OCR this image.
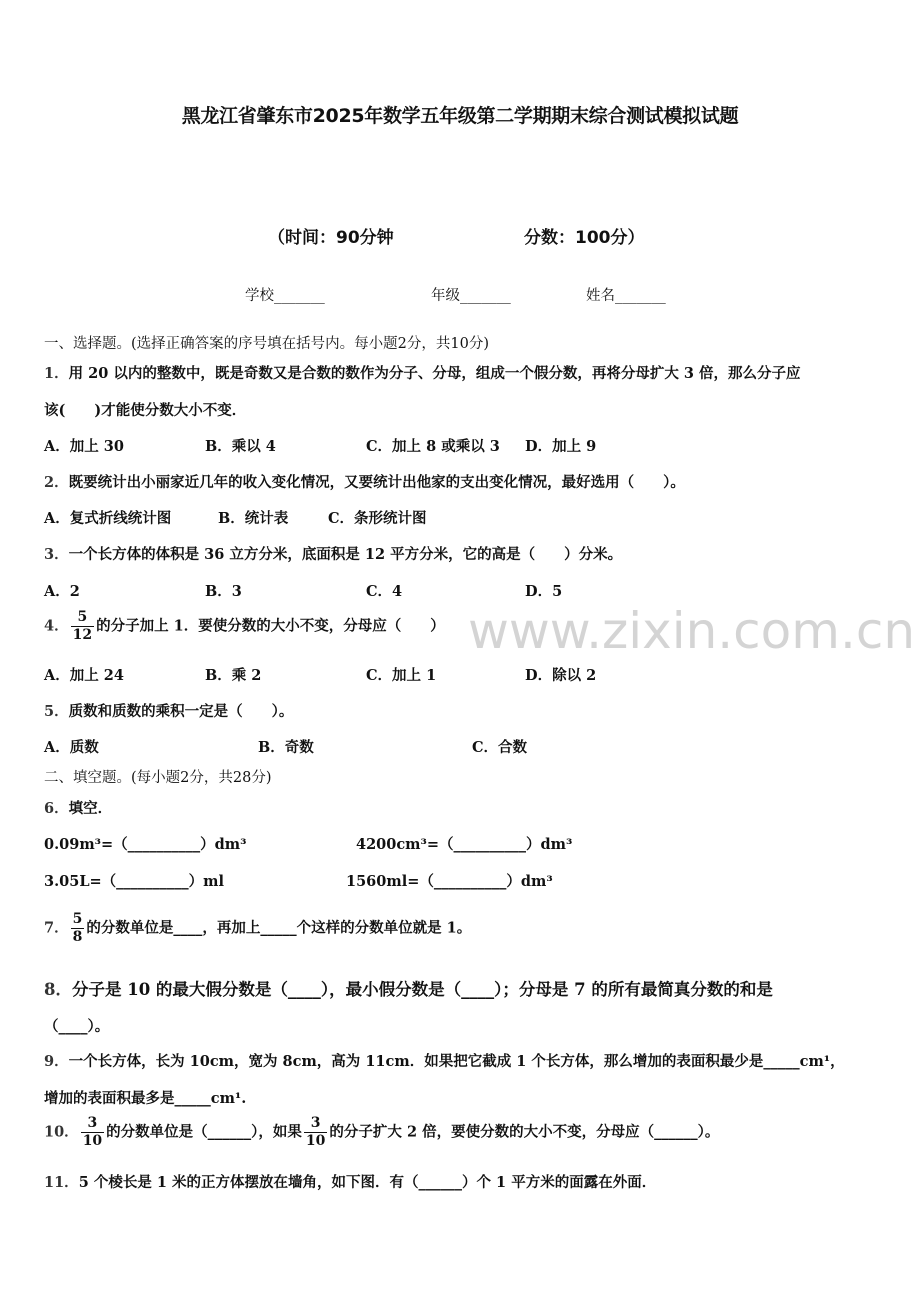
黑龙江省肇东市2025年数学五年级第二学期期末综合测试模拟试题
（时间：90分钟	分数：100分）
学校_______	年级_______	姓名_______
一、选择题。(选择正确答案的序号填在括号内。每小题2分，共10分)
1．用 20 以内的整数中，既是奇数又是合数的数作为分子、分母，组成一个假分数，再将分母扩大 3 倍，那么分子应
该(　　)才能使分数大小不变．
A．加上 30	B．乘以 4	C．加上 8 或乘以 3 D．加上 9
2．既要统计出小丽家近几年的收入变化情况，又要统计出他家的支出变化情况，最好选用（　　）。
A．复式折线统计图	B．统计表	C．条形统计图
3．一个长方体的体积是 36 立方分米，底面积是 12 平方分米，它的高是（　　）分米。
A．2	B．3	C．4	D．5
www.zixin.com.cn
4． $\frac{5}{12}$ 的分子加上 1．要使分数的大小不变，分母应（　　）
A．加上 24	B．乘 2	C．加上 1	D．除以 2
5．质数和质数的乘积一定是（　　）。
A．质数	B．奇数	C．合数
二、填空题。(每小题2分，共28分)
6．填空．
0.09m³=（__________）dm³	4200cm³=（__________）dm³
3.05L=（__________）ml	1560ml=（__________）dm³
7． $\frac{5}{8}$ 的分数单位是____，再加上_____个这样的分数单位就是 1。
8．分子是 10 的最大假分数是（____），最小假分数是（____）；分母是 7 的所有最简真分数的和是
（____）。
9．一个长方体，长为 10cm，宽为 8cm，高为 11cm．如果把它截成 1 个长方体，那么增加的表面积最少是_____cm¹，
增加的表面积最多是_____cm¹.
10． $\frac{3}{10}$ 的分数单位是（______），如果 $\frac{3}{10}$ 的分子扩大 2 倍，要使分数的大小不变，分母应（______）。
11．5 个棱长是 1 米的正方体摆放在墙角，如下图．有（______）个 1 平方米的面露在外面．
